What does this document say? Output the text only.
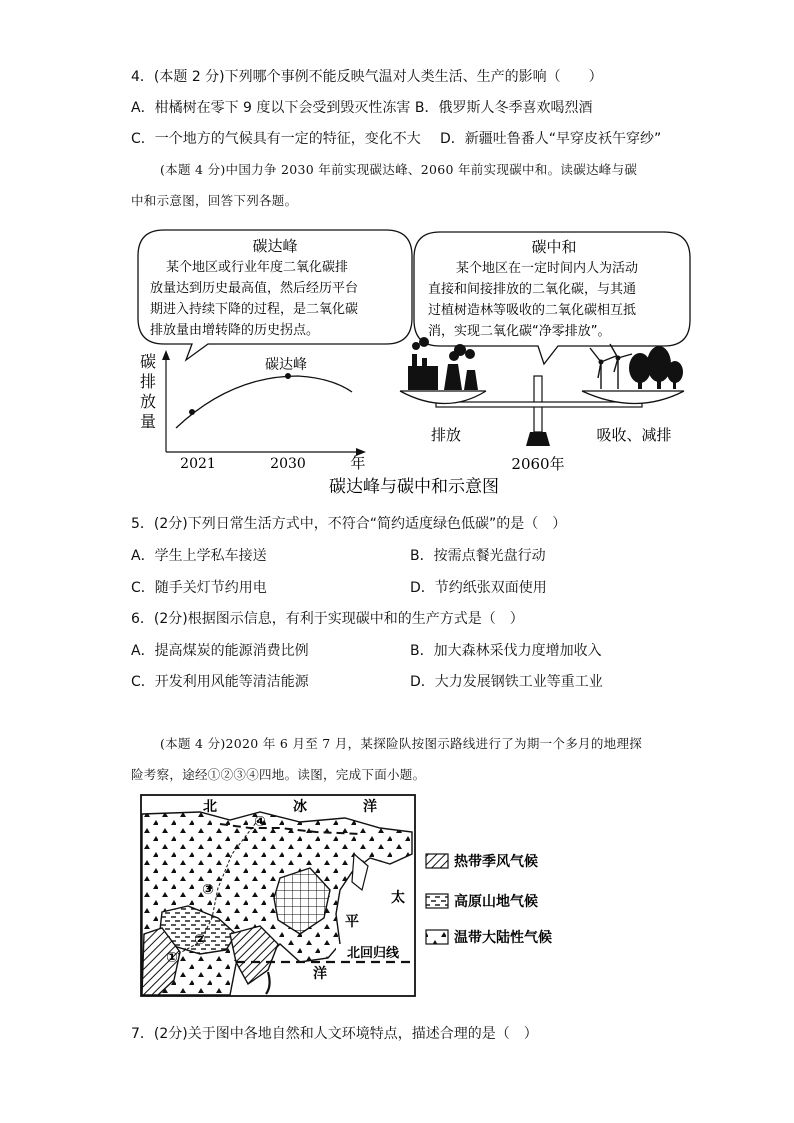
4．(本题 2 分)下列哪个事例不能反映气温对人类生活、生产的影响（　　）
A．柑橘树在零下 9 度以下会受到毁灭性冻害 B．俄罗斯人冬季喜欢喝烈酒
C．一个地方的气候具有一定的特征，变化不大 D．新疆吐鲁番人“早穿皮袄午穿纱”
(本题 4 分)中国力争 2030 年前实现碳达峰、2060 年前实现碳中和。读碳达峰与碳
中和示意图，回答下列各题。
碳达峰
某个地区或行业年度二氧化碳排
放量达到历史最高值，然后经历平台
期进入持续下降的过程，是二氧化碳
排放量由增转降的历史拐点。
碳中和
某个地区在一定时间内人为活动
直接和间接排放的二氧化碳，与其通
过植树造林等吸收的二氧化碳相互抵
消，实现二氧化碳“净零排放”。
碳
排
放
量
碳达峰
2021	2030	年
排放	吸收、减排
2060年
碳达峰与碳中和示意图
5．(2分)下列日常生活方式中，不符合“简约适度绿色低碳”的是（　）
A．学生上学私车接送	B．按需点餐光盘行动
C．随手关灯节约用电	D．节约纸张双面使用
6．(2分)根据图示信息，有利于实现碳中和的生产方式是（　）
A．提高煤炭的能源消费比例	B．加大森林采伐力度增加收入
C．开发利用风能等清洁能源	D．大力发展钢铁工业等重工业
(本题 4 分)2020 年 6 月至 7 月，某探险队按图示路线进行了为期一个多月的地理探
险考察，途经①②③④四地。读图，完成下面小题。
北	冰	洋
太
平
洋
北回归线
①
②
③
④
热带季风气候
高原山地气候
温带大陆性气候
7．(2分)关于图中各地自然和人文环境特点，描述合理的是（　）
